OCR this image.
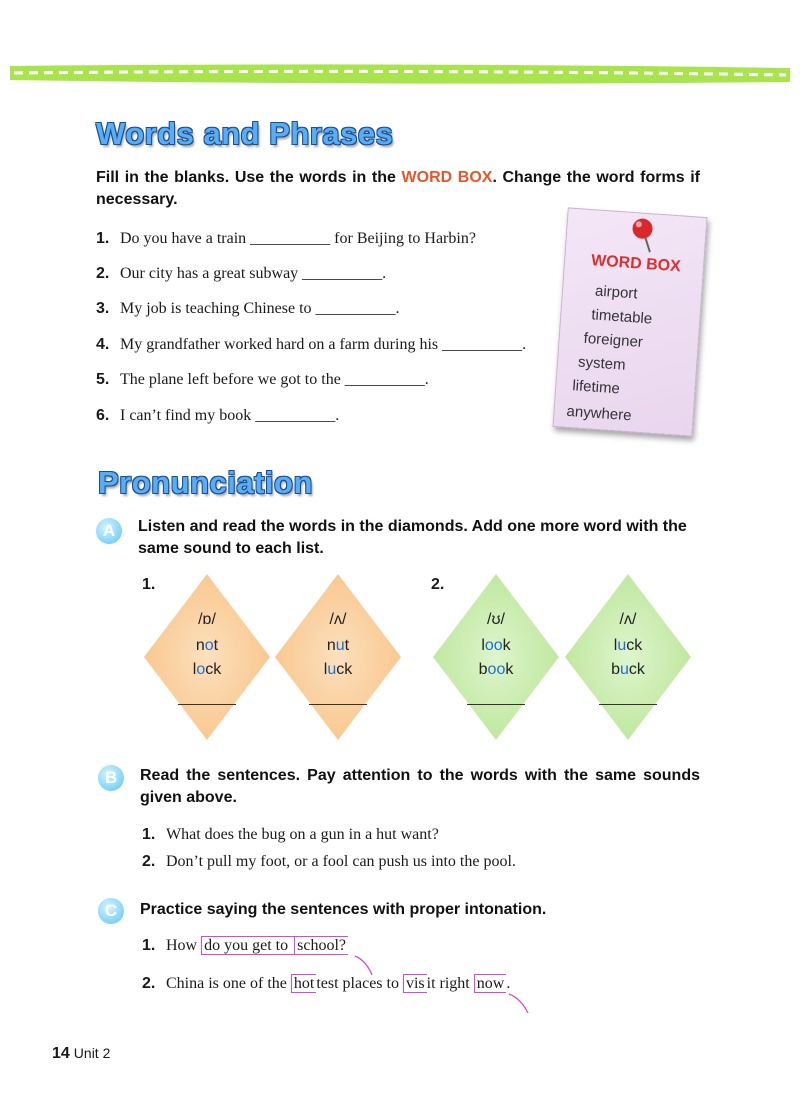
Words and Phrases
Fill in the blanks. Use the words in the WORD BOX. Change the word forms if necessary.
1. Do you have a train __________ for Beijing to Harbin?
2. Our city has a great subway __________.
3. My job is teaching Chinese to __________.
4. My grandfather worked hard on a farm during his __________.
5. The plane left before we got to the __________.
6. I can’t find my book __________.
WORD BOX
airport
timetable
foreigner
system
lifetime
anywhere
Pronunciation
A	Listen and read the words in the diamonds. Add one more word with the same sound to each list.
1.	2.
/ɒ/
not
lock
/ʌ/
nut
luck
/ʊ/
look
book
/ʌ/
luck
buck
B	Read the sentences. Pay attention to the words with the same sounds given above.
1. What does the bug on a gun in a hut want?
2. Don’t pull my foot, or a fool can push us into the pool.
C	Practice saying the sentences with proper intonation.
1. How do you get to school?
2. China is one of the hot test places to vis it right now .
14 Unit 2
